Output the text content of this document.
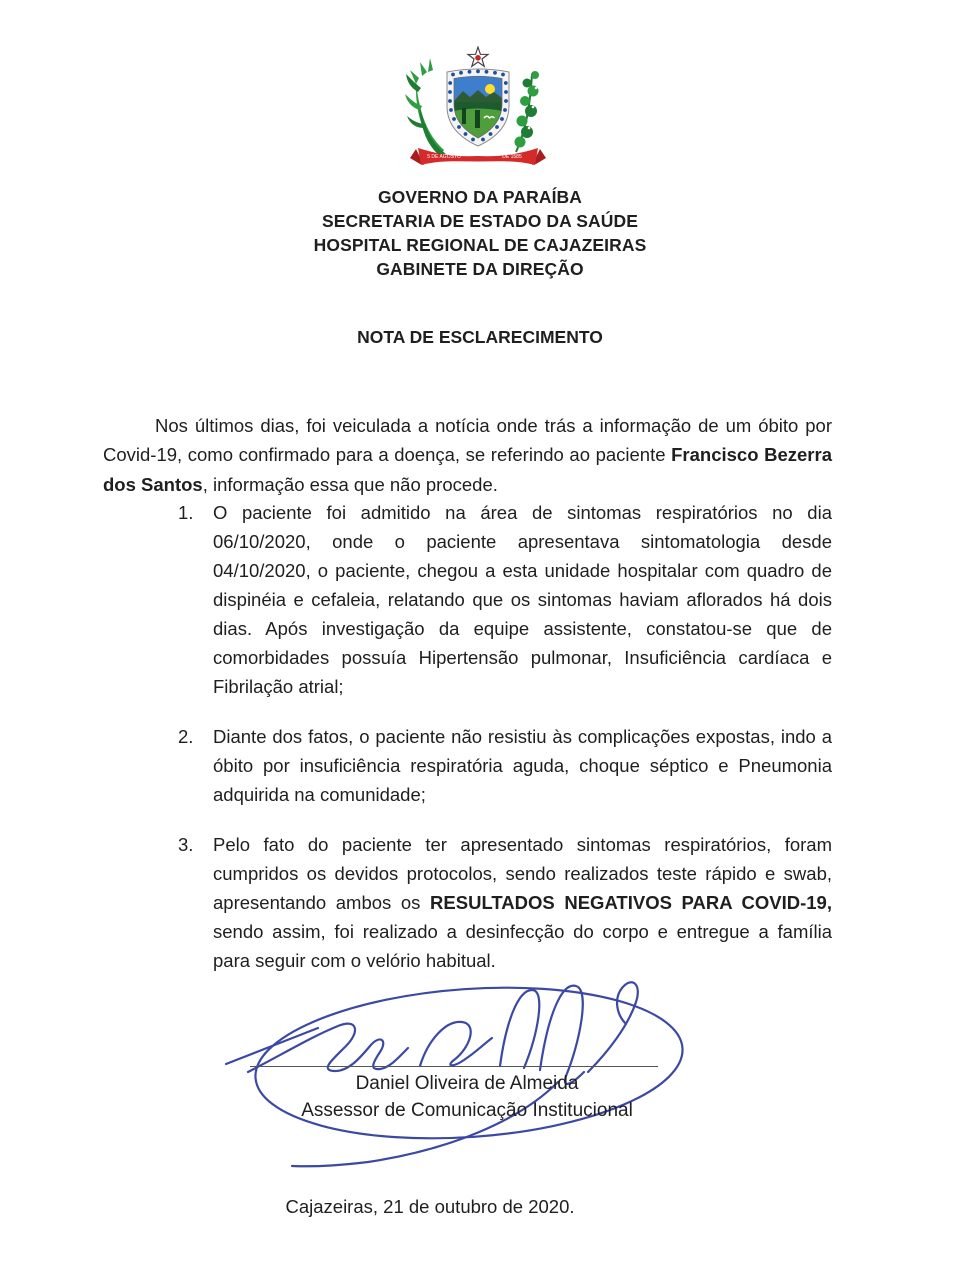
5 DE AGOSTO	DE 1585
GOVERNO DA PARAÍBA
SECRETARIA DE ESTADO DA SAÚDE
HOSPITAL REGIONAL DE CAJAZEIRAS
GABINETE DA DIREÇÃO
NOTA DE ESCLARECIMENTO

Nos últimos dias, foi veiculada a notícia onde trás a informação de um óbito por Covid-19, como confirmado para a doença, se referindo ao paciente Francisco Bezerra dos Santos, informação essa que não procede.

1.	O paciente foi admitido na área de sintomas respiratórios no dia 06/10/2020, onde o paciente apresentava sintomatologia desde 04/10/2020, o paciente, chegou a esta unidade hospitalar com quadro de dispinéia e cefaleia, relatando que os sintomas haviam aflorados há dois dias. Após investigação da equipe assistente, constatou-se que de comorbidades possuía Hipertensão pulmonar, Insuficiência cardíaca e Fibrilação atrial;
2.	Diante dos fatos, o paciente não resistiu às complicações expostas, indo a óbito por insuficiência respiratória aguda, choque séptico e Pneumonia adquirida na comunidade;
3.	Pelo fato do paciente ter apresentado sintomas respiratórios, foram cumpridos os devidos protocolos, sendo realizados teste rápido e swab, apresentando ambos os RESULTADOS NEGATIVOS PARA COVID-19, sendo assim, foi realizado a desinfecção do corpo e entregue a família para seguir com o velório habitual.
Daniel Oliveira de Almeida
Assessor de Comunicação Institucional
Cajazeiras, 21 de outubro de 2020.
